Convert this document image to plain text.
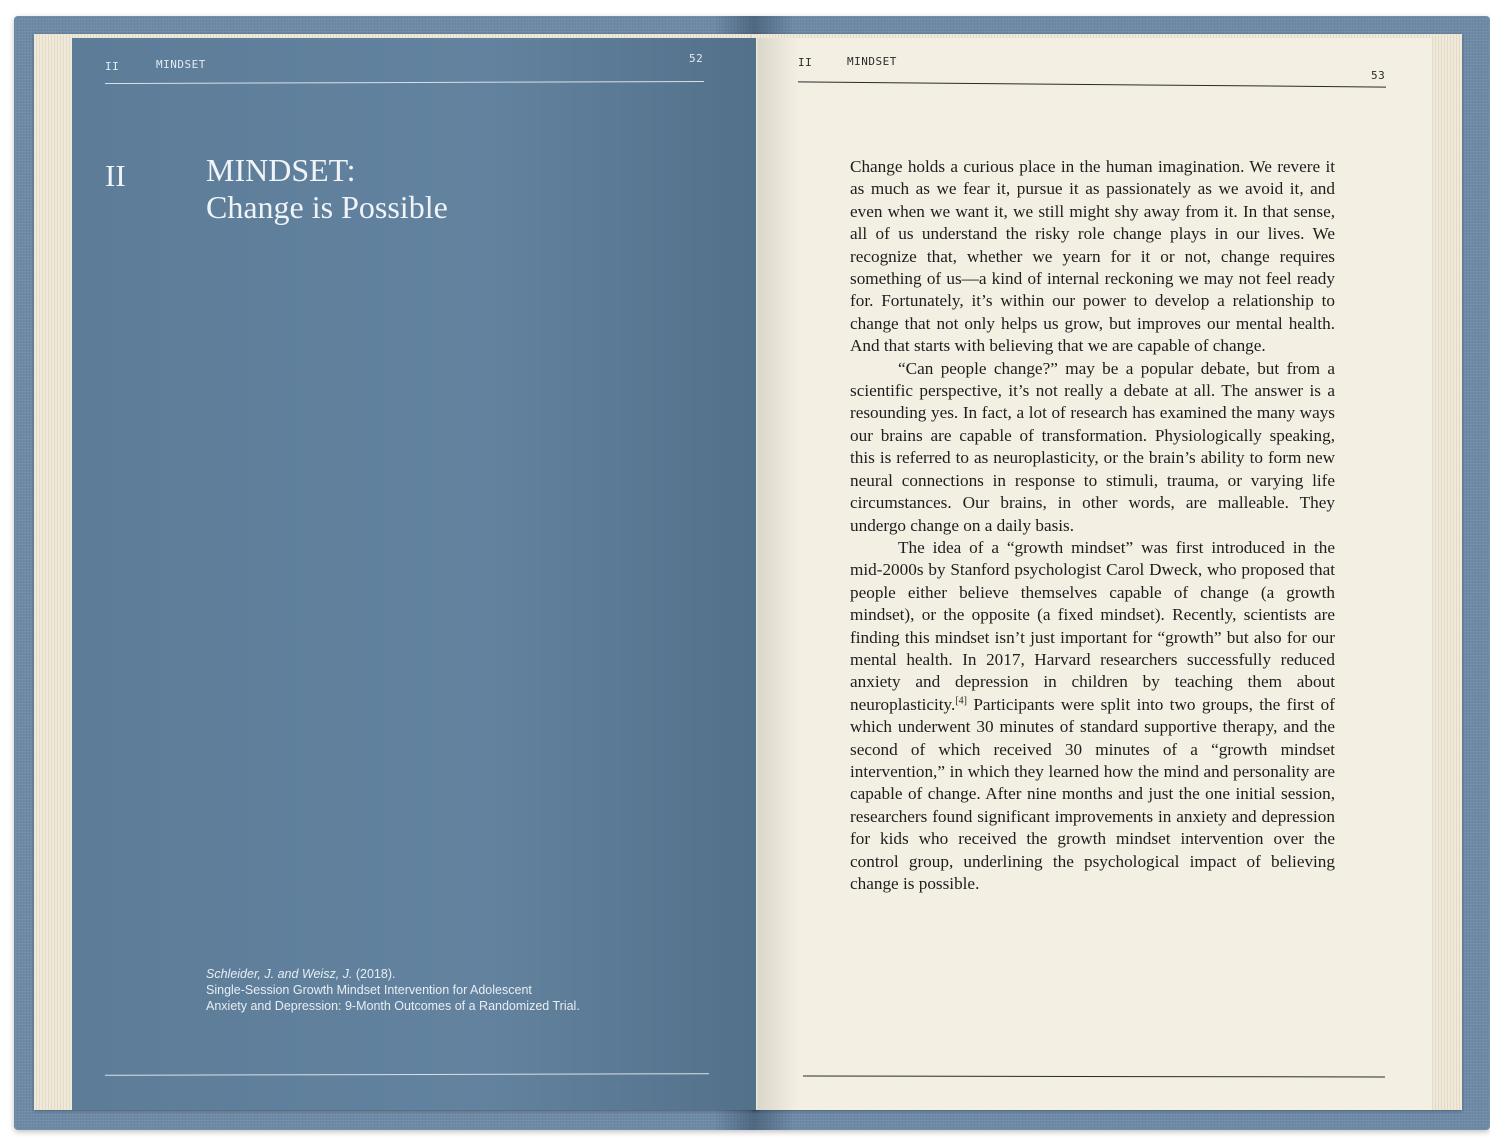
II	MINDSET	52
II	MINDSET:
Change is Possible
Schleider, J. and Weisz, J. (2018).
Single-Session Growth Mindset Intervention for Adolescent
Anxiety and Depression: 9-Month Outcomes of a Randomized Trial.
II	MINDSET
53

Change holds a curious place in the human imagination. We revere it as much as we fear it, pursue it as passionately as we avoid it, and even when we want it, we still might shy away from it. In that sense, all of us understand the risky role change plays in our lives. We recognize that, whether we yearn for it or not, change requires something of us—a kind of internal reckoning we may not feel ready for. Fortunately, it’s within our power to develop a relationship to change that not only helps us grow, but improves our mental health. And that starts with believing that we are capable of change.

“Can people change?” may be a popular debate, but from a scientific perspective, it’s not really a debate at all. The answer is a resounding yes. In fact, a lot of research has examined the many ways our brains are capable of transformation. Physiologically speaking, this is referred to as neuroplasticity, or the brain’s ability to form new neural connections in response to stimuli, trauma, or varying life circumstances. Our brains, in other words, are malleable. They undergo change on a daily basis.

The idea of a “growth mindset” was first introduced in the mid-2000s by Stanford psychologist Carol Dweck, who proposed that people either believe themselves capable of change (a growth mindset), or the opposite (a fixed mindset). Recently, scientists are finding this mindset isn’t just important for “growth” but also for our mental health. In 2017, Harvard researchers successfully reduced anxiety and depression in children by teaching them about neuroplasticity.[4] Participants were split into two groups, the first of which underwent 30 minutes of standard supportive therapy, and the second of which received 30 minutes of a “growth mindset intervention,” in which they learned how the mind and personality are capable of change. After nine months and just the one initial session, researchers found significant improvements in anxiety and depression for kids who received the growth mindset intervention over the control group, underlining the psychological impact of believing change is possible.
